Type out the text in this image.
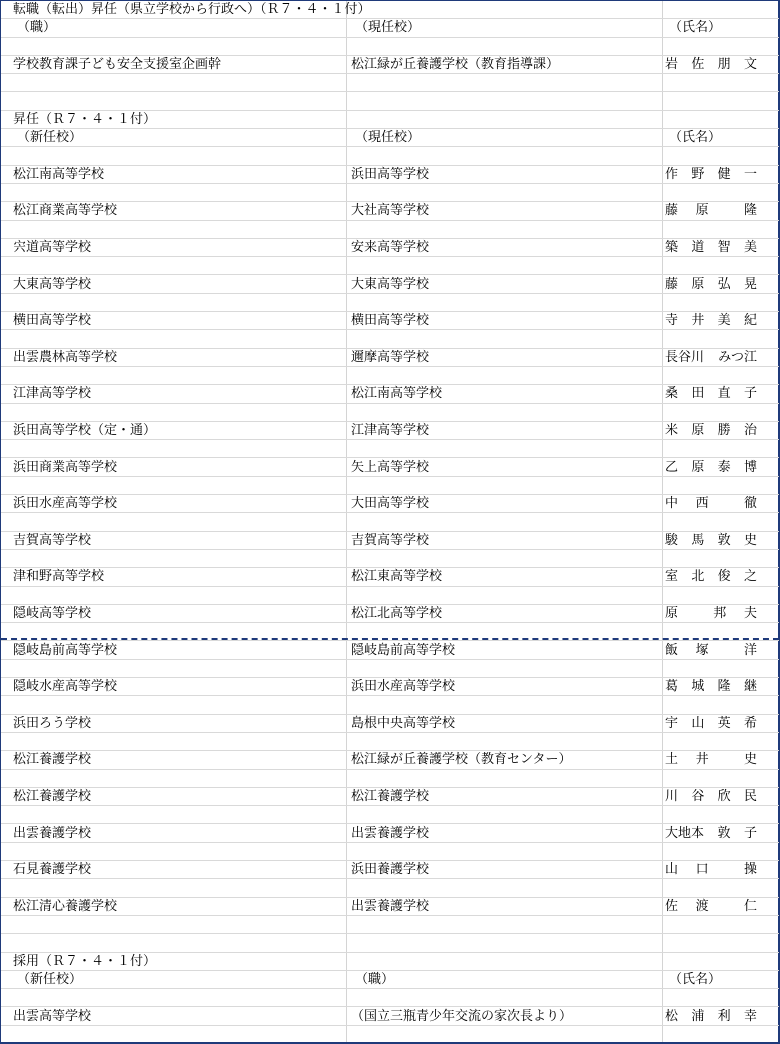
転職（転出）昇任（県立学校から行政へ）（Ｒ７・４・１付）
（職）	（現任校）	（氏名）
学校教育課子ども安全支援室企画幹	松江緑が丘養護学校（教育指導課）	岩 佐 朋 文
昇任（Ｒ７・４・１付）
（新任校）	（現任校）	（氏名）
松江南高等学校	浜田高等学校	作 野 健 一
松江商業高等学校	大社高等学校	藤 原	隆
宍道高等学校	安来高等学校	築 道 智 美
大東高等学校	大東高等学校	藤 原 弘 晃
横田高等学校	横田高等学校	寺 井 美 紀
出雲農林高等学校	邇摩高等学校	長谷川 みつ江
江津高等学校	松江南高等学校	桑 田 直 子
浜田高等学校（定・通）	江津高等学校	米 原 勝 治
浜田商業高等学校	矢上高等学校	乙 原 泰 博
浜田水産高等学校	大田高等学校	中 西	徹
吉賀高等学校	吉賀高等学校	駿 馬 敦 史
津和野高等学校	松江東高等学校	室 北 俊 之
隠岐高等学校	松江北高等学校	原	邦 夫
隠岐島前高等学校	隠岐島前高等学校	飯 塚	洋
隠岐水産高等学校	浜田水産高等学校	葛 城 隆 継
浜田ろう学校	島根中央高等学校	宇 山 英 希
松江養護学校	松江緑が丘養護学校（教育センター）	土 井	史
松江養護学校	松江養護学校	川 谷 欣 民
出雲養護学校	出雲養護学校	大地本 敦 子
石見養護学校	浜田養護学校	山 口	操
松江清心養護学校	出雲養護学校	佐 渡	仁
採用（Ｒ７・４・１付）
（新任校）	（職）	（氏名）
出雲高等学校	（国立三瓶青少年交流の家次長より）	松 浦 利 幸
